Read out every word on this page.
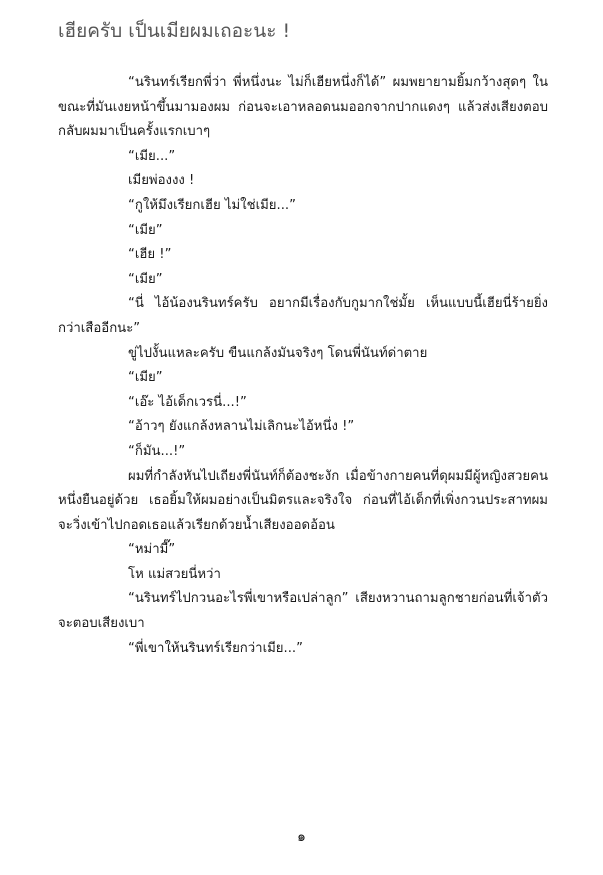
เฮียครับ เป็นเมียผมเถอะนะ !

“นรินทร์เรียกพี่ว่า พี่หนึ่งนะ ไม่ก็เฮียหนึ่งก็ได้” ผมพยายามยิ้มกว้างสุดๆ ในขณะที่มันเงยหน้าขึ้นมามองผม ก่อนจะเอาหลอดนมออกจากปากแดงๆ แล้วส่งเสียงตอบกลับผมมาเป็นครั้งแรกเบาๆ

“เมีย...”

เมียพ่องงง !

“กูให้มึงเรียกเฮีย ไม่ใช่เมีย...”

“เมีย”

“เฮีย !”

“เมีย”

“นี่ ไอ้น้องนรินทร์ครับ อยากมีเรื่องกับกูมากใช่มั้ย เห็นแบบนี้เฮียนี่ร้ายยิ่งกว่าเสืออีกนะ”

ขู่ไปงั้นแหละครับ ขืนแกล้งมันจริงๆ โดนพี่นันท์ด่าตาย

“เมีย”

“เอ๊ะ ไอ้เด็กเวรนี่...!”

“อ้าวๆ ยังแกล้งหลานไม่เลิกนะไอ้หนึ่ง !”

“ก็มัน...!”

ผมที่กำลังหันไปเถียงพี่นันท์ก็ต้องชะงัก เมื่อข้างกายคนที่ดุผมมีผู้หญิงสวยคนหนึ่งยืนอยู่ด้วย เธอยิ้มให้ผมอย่างเป็นมิตรและจริงใจ ก่อนที่ไอ้เด็กที่เพิ่งกวนประสาทผมจะวิ่งเข้าไปกอดเธอแล้วเรียกด้วยน้ำเสียงออดอ้อน

“หม่ามี๊”

โห แม่สวยนี่หว่า

“นรินทร์ไปกวนอะไรพี่เขาหรือเปล่าลูก” เสียงหวานถามลูกชายก่อนที่เจ้าตัวจะตอบเสียงเบา

“พี่เขาให้นรินทร์เรียกว่าเมีย...”

๑
